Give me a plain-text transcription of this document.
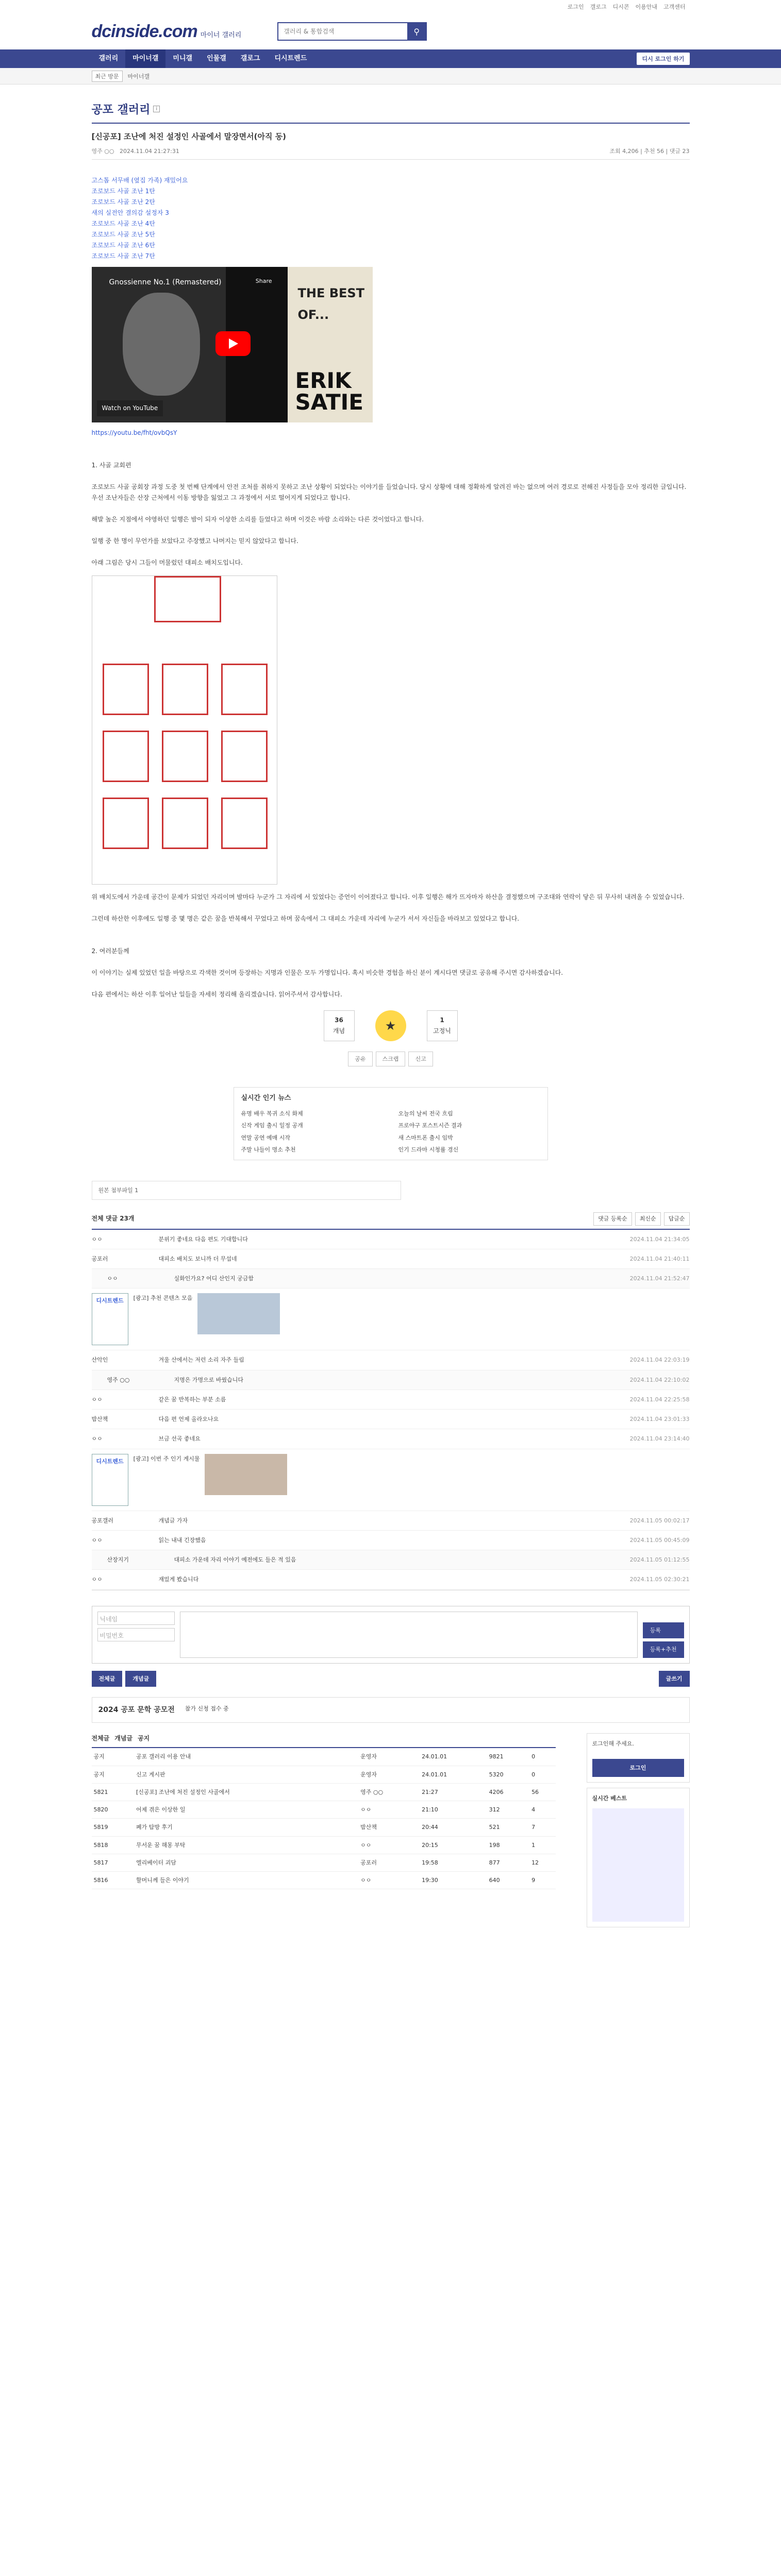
로그인 갤로그 디시콘 이용안내 고객센터
dcinside.com 마이너 갤러리
갤러리 & 통합검색	⚲
갤러리	마이너갤	미니갤	인물갤	갤로그	디시트렌드	디시 로그인 하기
최근 방문	마이너갤
공포 갤러리	i
[신공포] 조난에 처진 설정인 사골에서 말장면서(아직 동)
영주 ○○ 2024.11.04 21:27:31	조회 4,206 | 추천 56 | 댓글 23

고스톱 서무배 (옆집 가족) 재밌어요

조로보드 사골 조난 1탄

조로보드 사골 조난 2탄

새의 실전안 결의감 설정자 3

조로보드 사골 조난 4탄

조로보드 사골 조난 5탄

조로보드 사골 조난 6탄

조로보드 사골 조난 7탄

Gnossienne No.1 (Remastered)	Share
THE BEST OF...
ERIK
SATIE
Watch on YouTube

https://youtu.be/fht/ovbQsY

1. 사골 교회편

조로보드 사골 공회장 과정 도중 첫 번째 단계에서 안전 조처를 취하지 못하고 조난 상황이 되었다는 이야기를 들었습니다. 당시 상황에 대해 정확하게 알려진 바는 없으며 여러 경로로 전해진 사정들을 모아 정리한 글입니다. 우선 조난자들은 산장 근처에서 이동 방향을 잃었고 그 과정에서 서로 떨어지게 되었다고 합니다.

해발 높은 지점에서 야영하던 일행은 밤이 되자 이상한 소리를 들었다고 하며 이것은 바람 소리와는 다른 것이었다고 합니다.

일행 중 한 명이 무언가를 보았다고 주장했고 나머지는 믿지 않았다고 합니다.

아래 그림은 당시 그들이 머물렀던 대피소 배치도입니다.

위 배치도에서 가운데 공간이 문제가 되었던 자리이며 밤마다 누군가 그 자리에 서 있었다는 증언이 이어졌다고 합니다. 이후 일행은 해가 뜨자마자 하산을 결정했으며 구조대와 연락이 닿은 뒤 무사히 내려올 수 있었습니다.

그런데 하산한 이후에도 일행 중 몇 명은 같은 꿈을 반복해서 꾸었다고 하며 꿈속에서 그 대피소 가운데 자리에 누군가 서서 자신들을 바라보고 있었다고 합니다.

2. 여러분들께

이 이야기는 실제 있었던 일을 바탕으로 각색한 것이며 등장하는 지명과 인물은 모두 가명입니다. 혹시 비슷한 경험을 하신 분이 계시다면 댓글로 공유해 주시면 감사하겠습니다.

다음 편에서는 하산 이후 일어난 일들을 자세히 정리해 올리겠습니다. 읽어주셔서 감사합니다.

36
개념	★	1
고정닉
공유	스크랩	신고
실시간 인기 뉴스
유명 배우 복귀 소식 화제	오늘의 날씨 전국 흐림
신작 게임 출시 일정 공개	프로야구 포스트시즌 결과
연말 공연 예매 시작	새 스마트폰 출시 임박
주말 나들이 명소 추천	인기 드라마 시청률 경신
원본 첨부파일 1
전체 댓글 23개	댓글 등록순	최신순	답글순
ㅇㅇ	분위기 좋네요 다음 편도 기대합니다	2024.11.04 21:34:05
공포러	대피소 배치도 보니까 더 무섭네	2024.11.04 21:40:11
ㅇㅇ	실화인가요? 어디 산인지 궁금함	2024.11.04 21:52:47
디시트렌드	[광고] 추천 콘텐츠 모음
산악인	겨울 산에서는 저런 소리 자주 들림	2024.11.04 22:03:19
영주 ○○	지명은 가명으로 바꿨습니다	2024.11.04 22:10:02
ㅇㅇ	같은 꿈 반복하는 부분 소름	2024.11.04 22:25:58
밤산책	다음 편 언제 올라오나요	2024.11.04 23:01:33
ㅇㅇ	브금 선곡 좋네요	2024.11.04 23:14:40
디시트렌드	[광고] 이번 주 인기 게시물
공포갤러	개념글 가자	2024.11.05 00:02:17
ㅇㅇ	읽는 내내 긴장했음	2024.11.05 00:45:09
산장지기	대피소 가운데 자리 이야기 예전에도 들은 적 있음	2024.11.05 01:12:55
ㅇㅇ	재밌게 봤습니다	2024.11.05 02:30:21
닉네임
비밀번호
등록
등록+추천
전체글	개념글	글쓰기
2024 공포 문학 공모전 참가 신청 접수 중
전체글 개념글 공지
공지	공포 갤러리 이용 안내	운영자	24.01.01	9821	0
공지	신고 게시판	운영자	24.01.01	5320	0
5821	[신공포] 조난에 처진 설정인 사골에서	영주 ○○	21:27	4206	56
5820	어제 겪은 이상한 일	ㅇㅇ	21:10	312	4
5819	폐가 탐방 후기	밤산책	20:44	521	7
5818	무서운 꿈 해몽 부탁	ㅇㅇ	20:15	198	1
5817	엘리베이터 괴담	공포러	19:58	877	12
5816	할머니께 들은 이야기	ㅇㅇ	19:30	640	9

로그인해 주세요.

로그인
실시간 베스트
